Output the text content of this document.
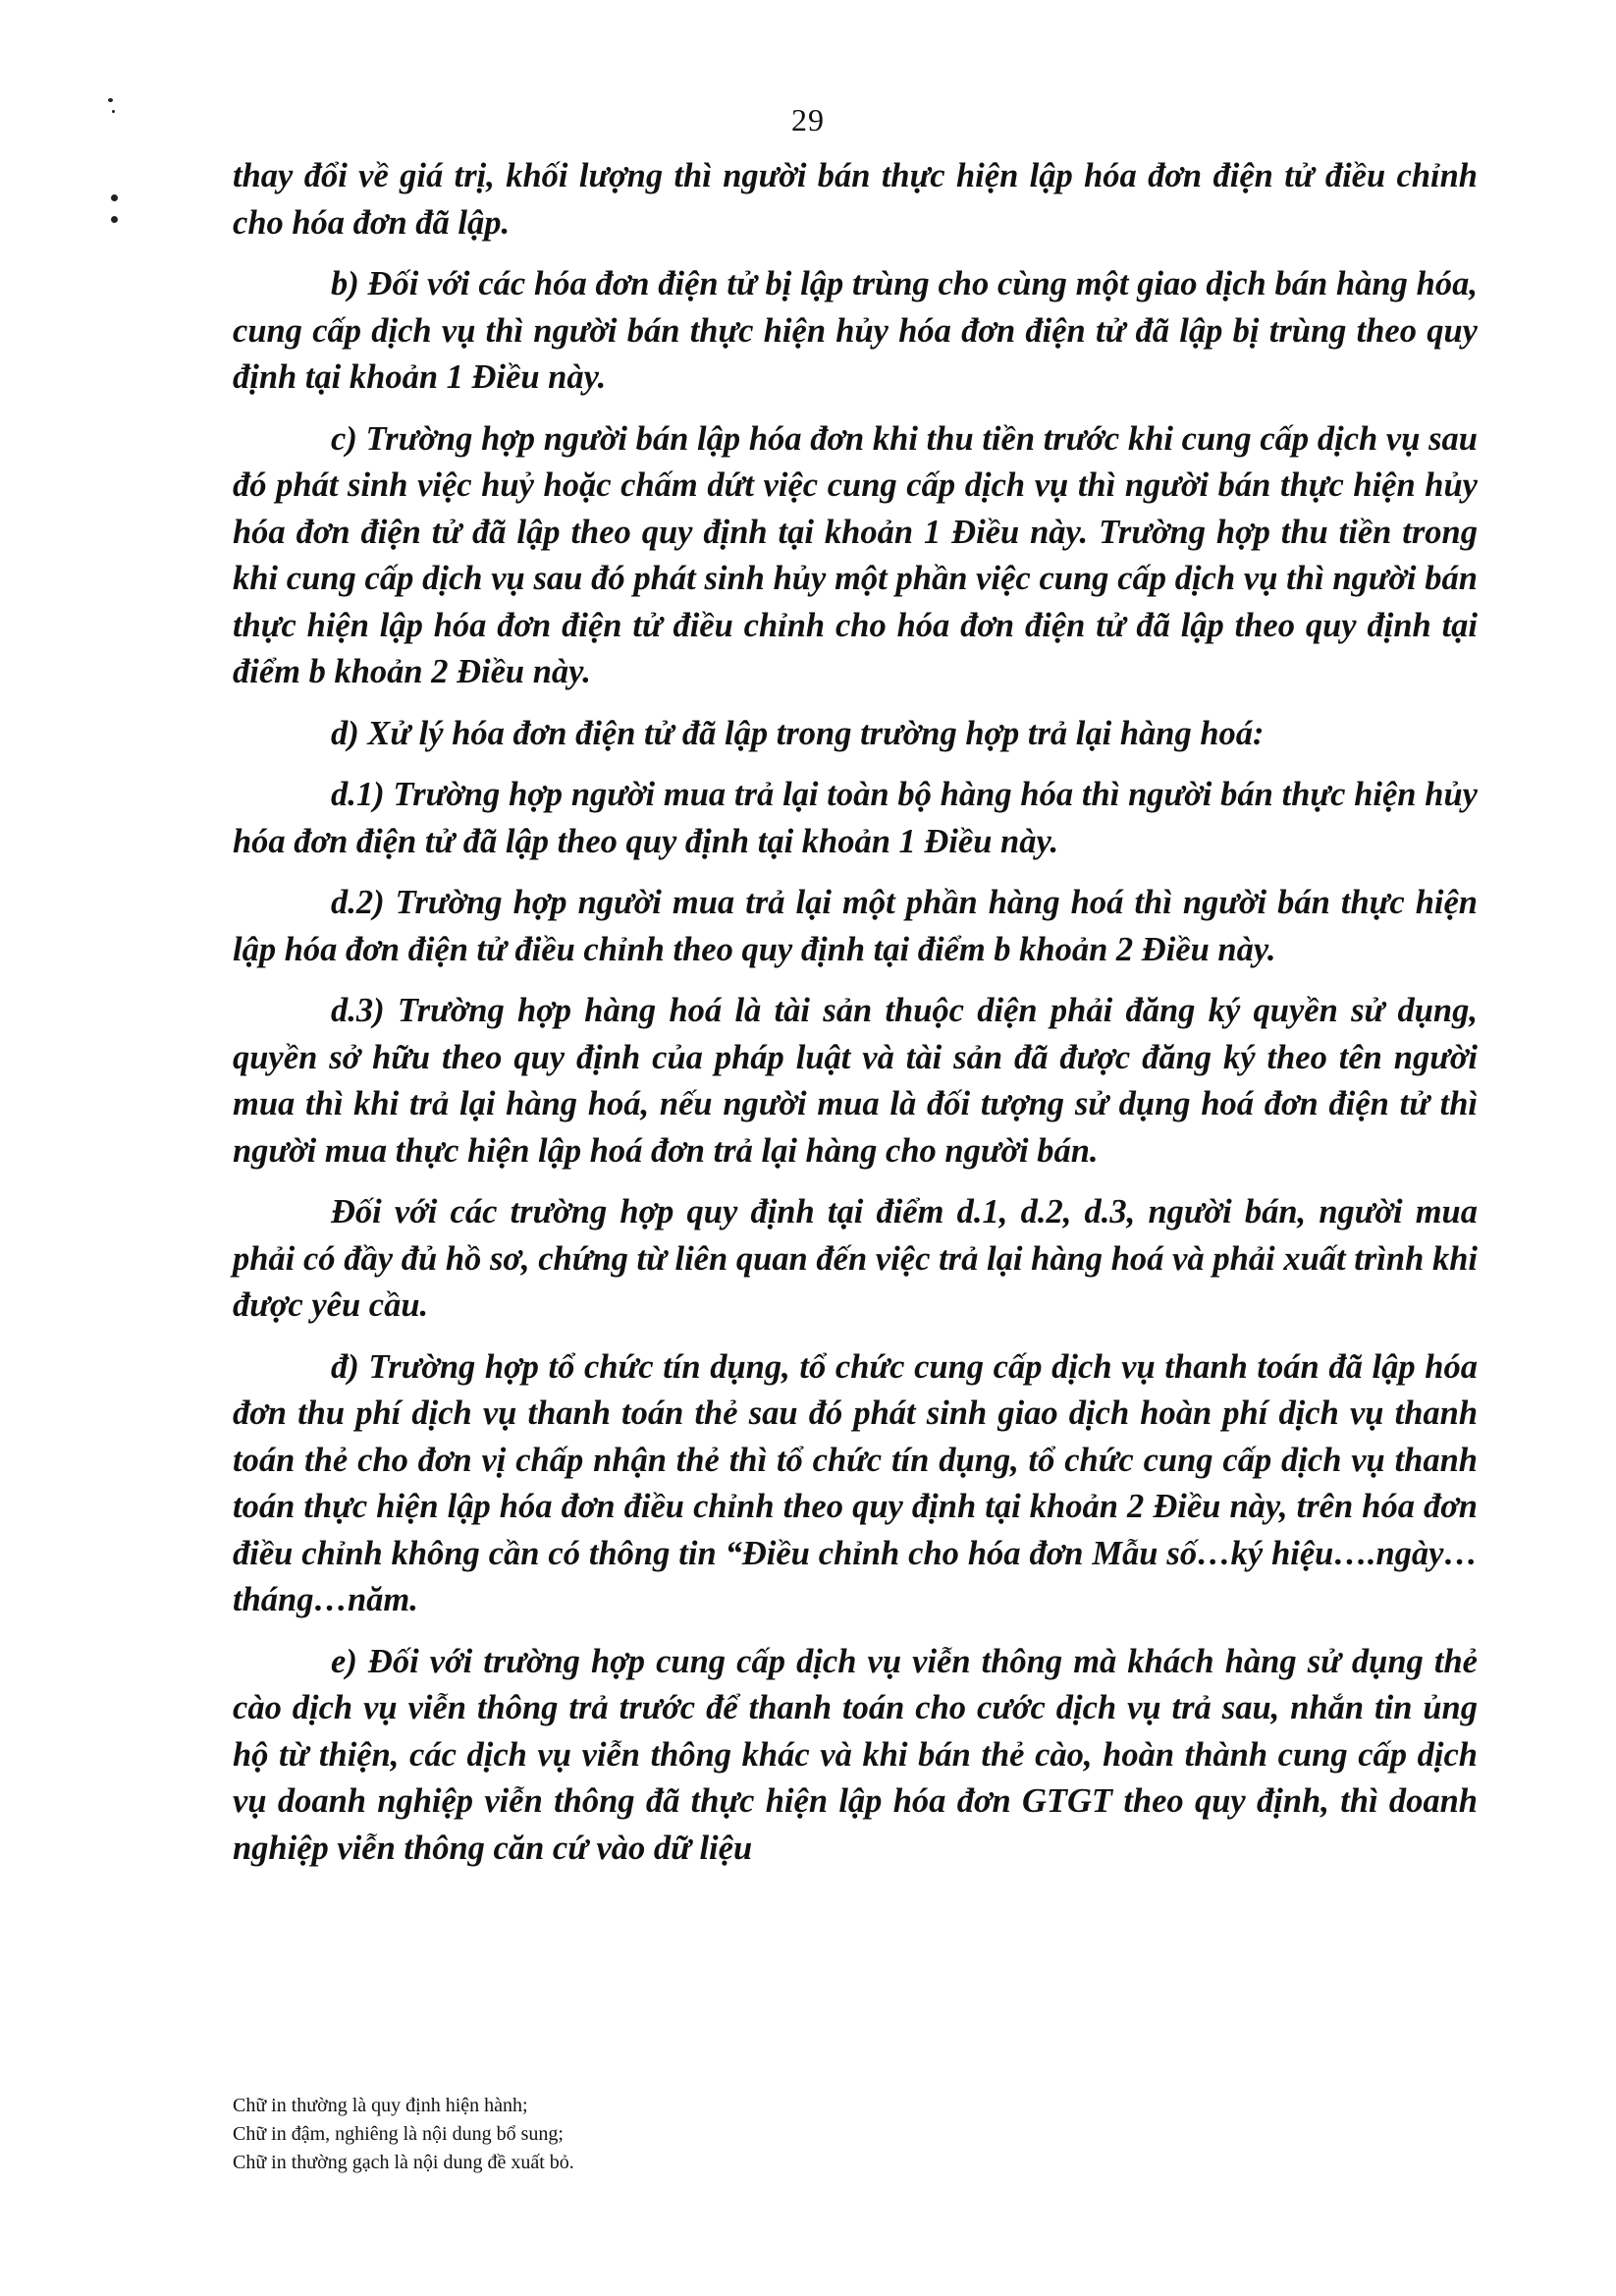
29

thay đổi về giá trị, khối lượng thì người bán thực hiện lập hóa đơn điện tử điều chỉnh cho hóa đơn đã lập.

b) Đối với các hóa đơn điện tử bị lập trùng cho cùng một giao dịch bán hàng hóa, cung cấp dịch vụ thì người bán thực hiện hủy hóa đơn điện tử đã lập bị trùng theo quy định tại khoản 1 Điều này.

c) Trường hợp người bán lập hóa đơn khi thu tiền trước khi cung cấp dịch vụ sau đó phát sinh việc huỷ hoặc chấm dứt việc cung cấp dịch vụ thì người bán thực hiện hủy hóa đơn điện tử đã lập theo quy định tại khoản 1 Điều này. Trường hợp thu tiền trong khi cung cấp dịch vụ sau đó phát sinh hủy một phần việc cung cấp dịch vụ thì người bán thực hiện lập hóa đơn điện tử điều chỉnh cho hóa đơn điện tử đã lập theo quy định tại điểm b khoản 2 Điều này.

d) Xử lý hóa đơn điện tử đã lập trong trường hợp trả lại hàng hoá:

d.1) Trường hợp người mua trả lại toàn bộ hàng hóa thì người bán thực hiện hủy hóa đơn điện tử đã lập theo quy định tại khoản 1 Điều này.

d.2) Trường hợp người mua trả lại một phần hàng hoá thì người bán thực hiện lập hóa đơn điện tử điều chỉnh theo quy định tại điểm b khoản 2 Điều này.

d.3) Trường hợp hàng hoá là tài sản thuộc diện phải đăng ký quyền sử dụng, quyền sở hữu theo quy định của pháp luật và tài sản đã được đăng ký theo tên người mua thì khi trả lại hàng hoá, nếu người mua là đối tượng sử dụng hoá đơn điện tử thì người mua thực hiện lập hoá đơn trả lại hàng cho người bán.

Đối với các trường hợp quy định tại điểm d.1, d.2, d.3, người bán, người mua phải có đầy đủ hồ sơ, chứng từ liên quan đến việc trả lại hàng hoá và phải xuất trình khi được yêu cầu.

đ) Trường hợp tổ chức tín dụng, tổ chức cung cấp dịch vụ thanh toán đã lập hóa đơn thu phí dịch vụ thanh toán thẻ sau đó phát sinh giao dịch hoàn phí dịch vụ thanh toán thẻ cho đơn vị chấp nhận thẻ thì tổ chức tín dụng, tổ chức cung cấp dịch vụ thanh toán thực hiện lập hóa đơn điều chỉnh theo quy định tại khoản 2 Điều này, trên hóa đơn điều chỉnh không cần có thông tin “Điều chỉnh cho hóa đơn Mẫu số…ký hiệu….ngày…tháng…năm.

e) Đối với trường hợp cung cấp dịch vụ viễn thông mà khách hàng sử dụng thẻ cào dịch vụ viễn thông trả trước để thanh toán cho cước dịch vụ trả sau, nhắn tin ủng hộ từ thiện, các dịch vụ viễn thông khác và khi bán thẻ cào, hoàn thành cung cấp dịch vụ doanh nghiệp viễn thông đã thực hiện lập hóa đơn GTGT theo quy định, thì doanh nghiệp viễn thông căn cứ vào dữ liệu

Chữ in thường là quy định hiện hành;
Chữ in đậm, nghiêng là nội dung bổ sung;
Chữ in thường gạch là nội dung đề xuất bỏ.
